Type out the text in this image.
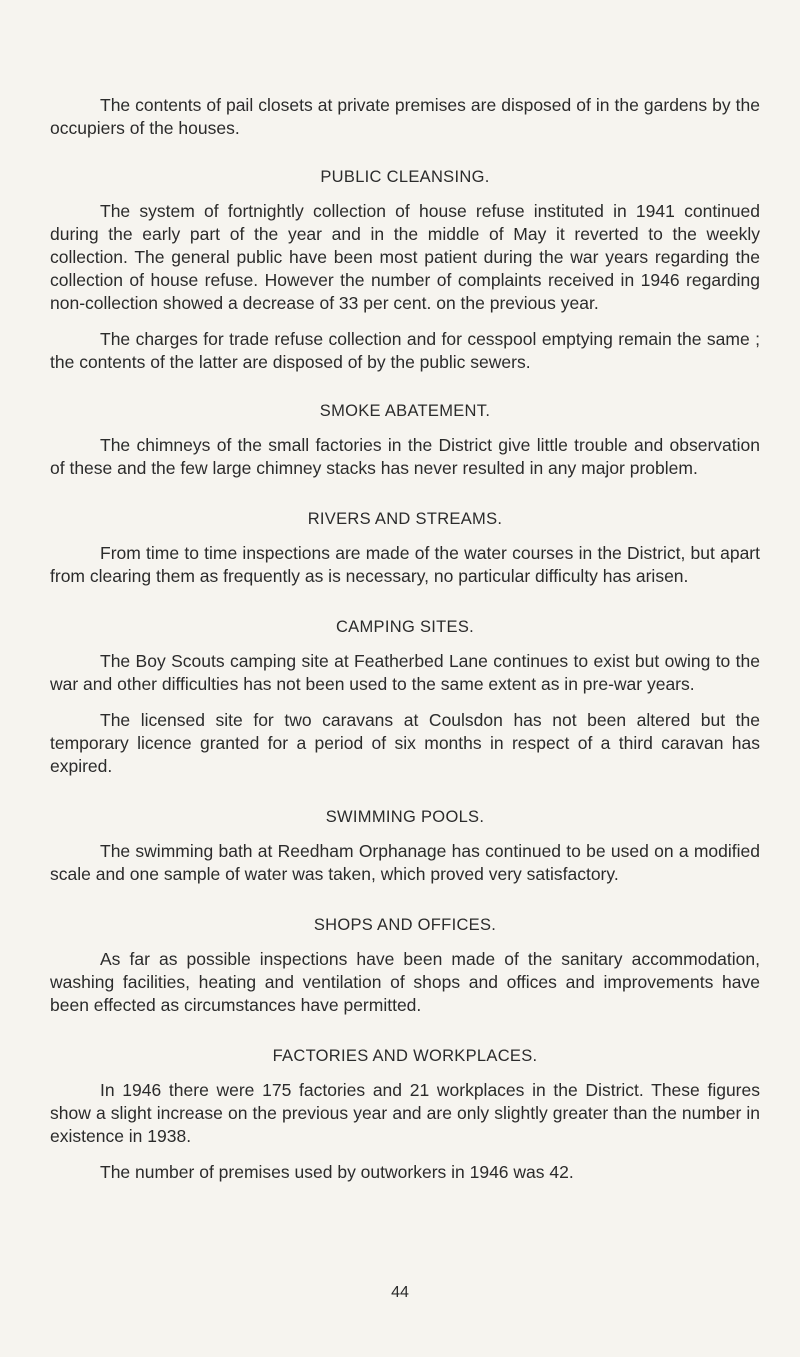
The contents of pail closets at private premises are disposed of in the gardens by the occupiers of the houses.

PUBLIC CLEANSING.

The system of fortnightly collection of house refuse instituted in 1941 continued during the early part of the year and in the middle of May it reverted to the weekly collection. The general public have been most patient during the war years regarding the collection of house refuse. However the number of complaints received in 1946 regarding non-collection showed a decrease of 33 per cent. on the previous year.

The charges for trade refuse collection and for cesspool emptying remain the same ; the contents of the latter are disposed of by the public sewers.

SMOKE ABATEMENT.

The chimneys of the small factories in the District give little trouble and observation of these and the few large chimney stacks has never resulted in any major problem.

RIVERS AND STREAMS.

From time to time inspections are made of the water courses in the District, but apart from clearing them as frequently as is necessary, no particular difficulty has arisen.

CAMPING SITES.

The Boy Scouts camping site at Featherbed Lane continues to exist but owing to the war and other difficulties has not been used to the same extent as in pre-war years.

The licensed site for two caravans at Coulsdon has not been altered but the temporary licence granted for a period of six months in respect of a third caravan has expired.

SWIMMING POOLS.

The swimming bath at Reedham Orphanage has continued to be used on a modified scale and one sample of water was taken, which proved very satisfactory.

SHOPS AND OFFICES.

As far as possible inspections have been made of the sanitary accommodation, washing facilities, heating and ventilation of shops and offices and improvements have been effected as circumstances have permitted.

FACTORIES AND WORKPLACES.

In 1946 there were 175 factories and 21 workplaces in the District. These figures show a slight increase on the previous year and are only slightly greater than the number in existence in 1938.

The number of premises used by outworkers in 1946 was 42.

44
